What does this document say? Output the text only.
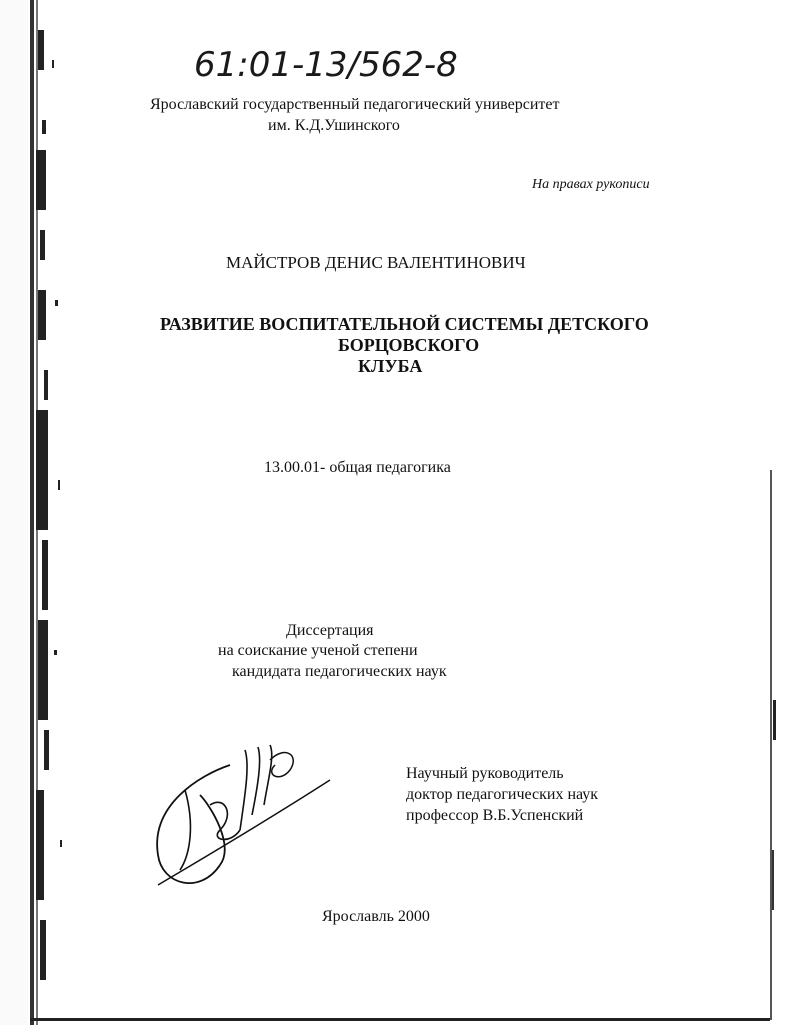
61:01-13/562-8
Ярославский государственный педагогический университет
им. К.Д.Ушинского
На правах рукописи
МАЙСТРОВ ДЕНИС ВАЛЕНТИНОВИЧ
РАЗВИТИЕ ВОСПИТАТЕЛЬНОЙ СИСТЕМЫ ДЕТСКОГО
БОРЦОВСКОГО
КЛУБА
13.00.01- общая педагогика
Диссертация
на соискание ученой степени
кандидата педагогических наук
Научный руководитель
доктор педагогических наук
профессор В.Б.Успенский
Ярославль 2000
